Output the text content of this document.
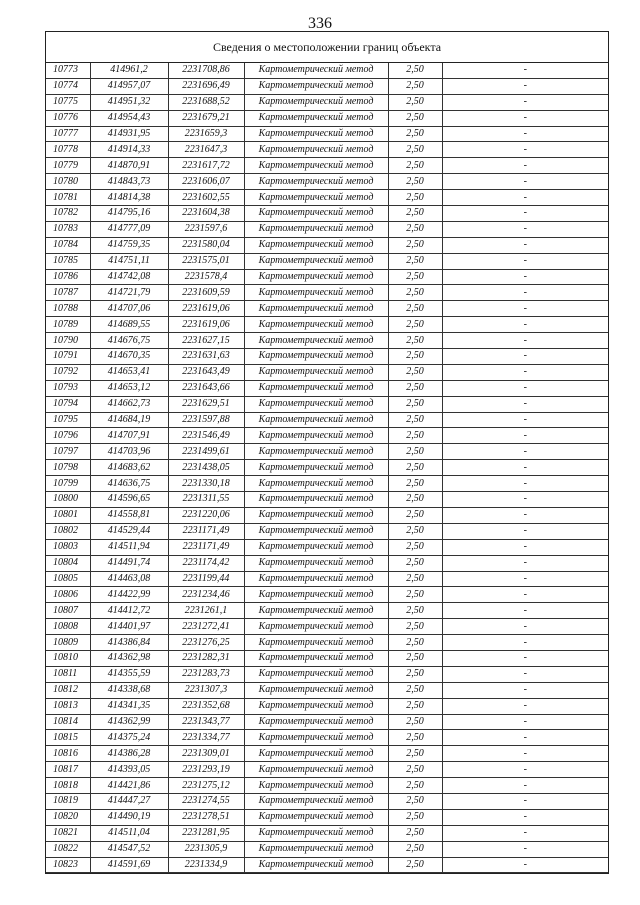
336
Сведения о местоположении границ объекта
10773	414961,2	2231708,86	Картометрический метод	2,50	-
10774	414957,07	2231696,49	Картометрический метод	2,50	-
10775	414951,32	2231688,52	Картометрический метод	2,50	-
10776	414954,43	2231679,21	Картометрический метод	2,50	-
10777	414931,95	2231659,3	Картометрический метод	2,50	-
10778	414914,33	2231647,3	Картометрический метод	2,50	-
10779	414870,91	2231617,72	Картометрический метод	2,50	-
10780	414843,73	2231606,07	Картометрический метод	2,50	-
10781	414814,38	2231602,55	Картометрический метод	2,50	-
10782	414795,16	2231604,38	Картометрический метод	2,50	-
10783	414777,09	2231597,6	Картометрический метод	2,50	-
10784	414759,35	2231580,04	Картометрический метод	2,50	-
10785	414751,11	2231575,01	Картометрический метод	2,50	-
10786	414742,08	2231578,4	Картометрический метод	2,50	-
10787	414721,79	2231609,59	Картометрический метод	2,50	-
10788	414707,06	2231619,06	Картометрический метод	2,50	-
10789	414689,55	2231619,06	Картометрический метод	2,50	-
10790	414676,75	2231627,15	Картометрический метод	2,50	-
10791	414670,35	2231631,63	Картометрический метод	2,50	-
10792	414653,41	2231643,49	Картометрический метод	2,50	-
10793	414653,12	2231643,66	Картометрический метод	2,50	-
10794	414662,73	2231629,51	Картометрический метод	2,50	-
10795	414684,19	2231597,88	Картометрический метод	2,50	-
10796	414707,91	2231546,49	Картометрический метод	2,50	-
10797	414703,96	2231499,61	Картометрический метод	2,50	-
10798	414683,62	2231438,05	Картометрический метод	2,50	-
10799	414636,75	2231330,18	Картометрический метод	2,50	-
10800	414596,65	2231311,55	Картометрический метод	2,50	-
10801	414558,81	2231220,06	Картометрический метод	2,50	-
10802	414529,44	2231171,49	Картометрический метод	2,50	-
10803	414511,94	2231171,49	Картометрический метод	2,50	-
10804	414491,74	2231174,42	Картометрический метод	2,50	-
10805	414463,08	2231199,44	Картометрический метод	2,50	-
10806	414422,99	2231234,46	Картометрический метод	2,50	-
10807	414412,72	2231261,1	Картометрический метод	2,50	-
10808	414401,97	2231272,41	Картометрический метод	2,50	-
10809	414386,84	2231276,25	Картометрический метод	2,50	-
10810	414362,98	2231282,31	Картометрический метод	2,50	-
10811	414355,59	2231283,73	Картометрический метод	2,50	-
10812	414338,68	2231307,3	Картометрический метод	2,50	-
10813	414341,35	2231352,68	Картометрический метод	2,50	-
10814	414362,99	2231343,77	Картометрический метод	2,50	-
10815	414375,24	2231334,77	Картометрический метод	2,50	-
10816	414386,28	2231309,01	Картометрический метод	2,50	-
10817	414393,05	2231293,19	Картометрический метод	2,50	-
10818	414421,86	2231275,12	Картометрический метод	2,50	-
10819	414447,27	2231274,55	Картометрический метод	2,50	-
10820	414490,19	2231278,51	Картометрический метод	2,50	-
10821	414511,04	2231281,95	Картометрический метод	2,50	-
10822	414547,52	2231305,9	Картометрический метод	2,50	-
10823	414591,69	2231334,9	Картометрический метод	2,50	-
